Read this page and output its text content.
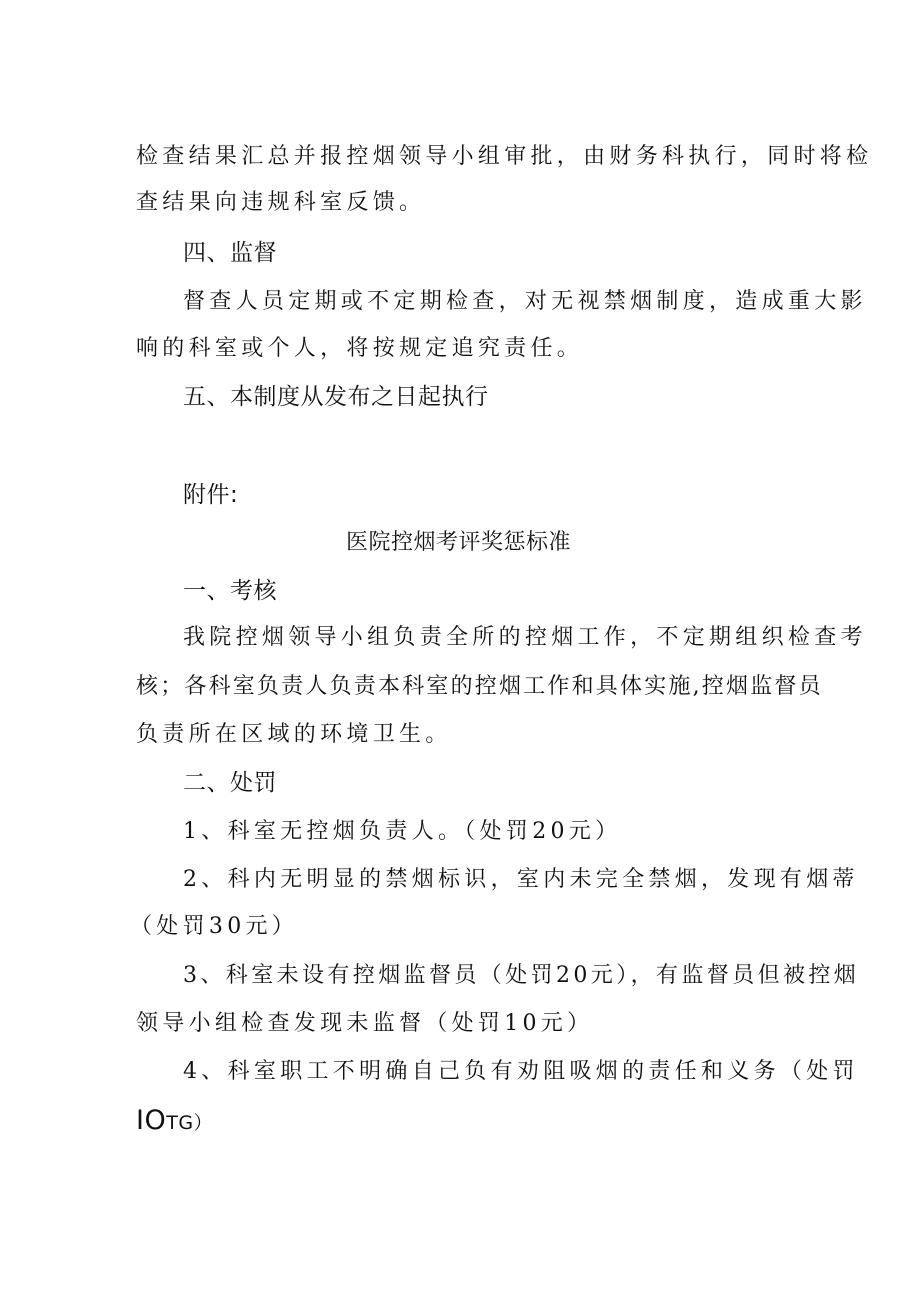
检查结果汇总并报控烟领导小组审批，由财务科执行，同时将检
查结果向违规科室反馈。
四、监督
督查人员定期或不定期检查，对无视禁烟制度，造成重大影
响的科室或个人，将按规定追究责任。
五、本制度从发布之日起执行
附件:
医院控烟考评奖惩标准
一、考核
我院控烟领导小组负责全所的控烟工作，不定期组织检查考
核；各科室负责人负责本科室的控烟工作和具体实施,控烟监督员
负责所在区域的环境卫生。
二、处罚
1、科室无控烟负责人。（处罚20元）
2、科内无明显的禁烟标识，室内未完全禁烟，发现有烟蒂
（处罚30元）
3、科室未设有控烟监督员（处罚20元），有监督员但被控烟
领导小组检查发现未监督（处罚10元）
4、科室职工不明确自己负有劝阻吸烟的责任和义务（处罚
IOTG）
